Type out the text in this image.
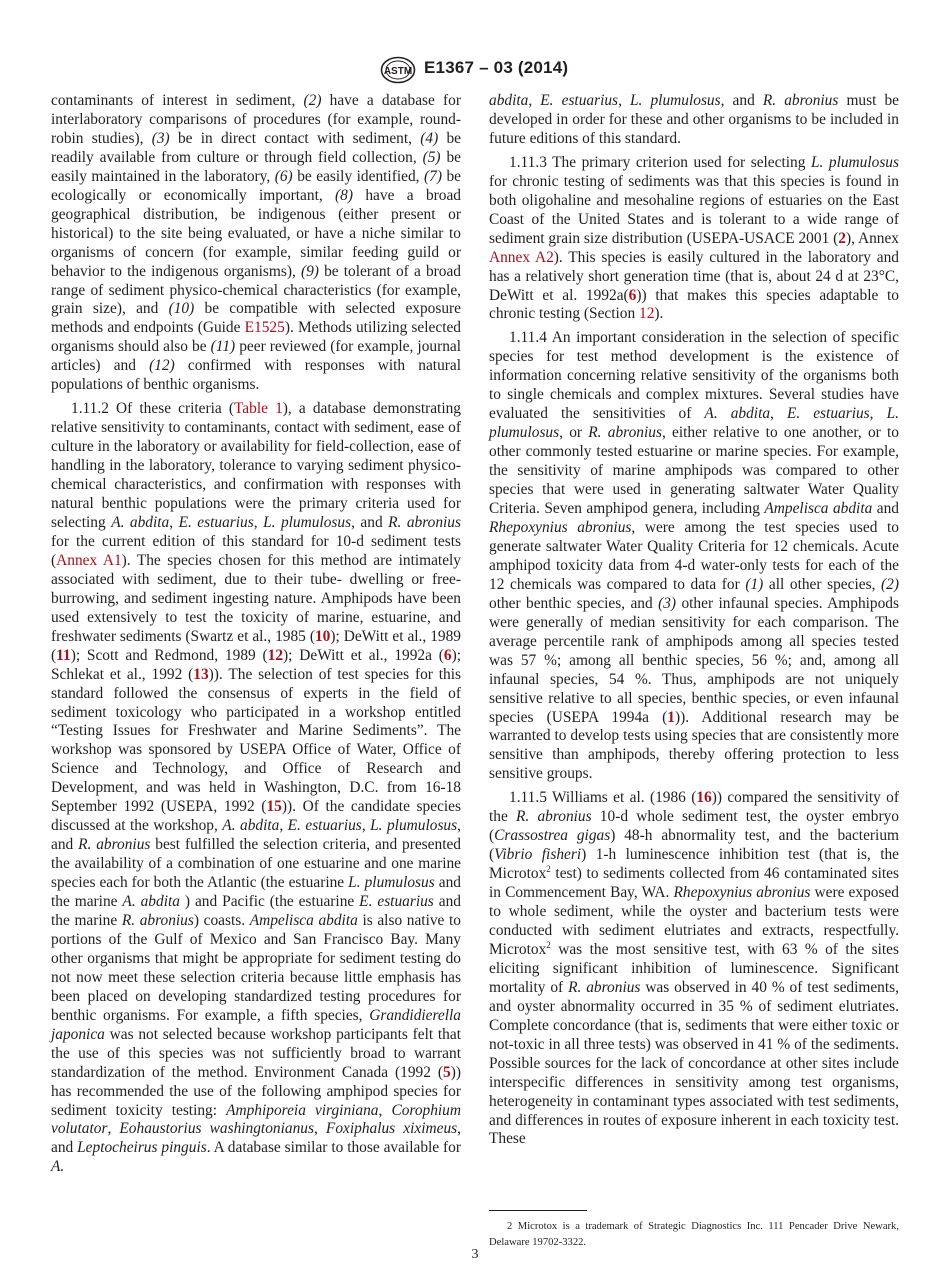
ASTM E1367 – 03 (2014)

contaminants of interest in sediment, (2) have a database for interlaboratory comparisons of procedures (for example, round-robin studies), (3) be in direct contact with sediment, (4) be readily available from culture or through field collection, (5) be easily maintained in the laboratory, (6) be easily identified, (7) be ecologically or economically important, (8) have a broad geographical distribution, be indigenous (either present or historical) to the site being evaluated, or have a niche similar to organisms of concern (for example, similar feeding guild or behavior to the indigenous organisms), (9) be tolerant of a broad range of sediment physico-chemical characteristics (for example, grain size), and (10) be compatible with selected exposure methods and endpoints (Guide E1525). Methods utilizing selected organisms should also be (11) peer reviewed (for example, journal articles) and (12) confirmed with responses with natural populations of benthic organisms.

1.11.2 Of these criteria (Table 1), a database demonstrating relative sensitivity to contaminants, contact with sediment, ease of culture in the laboratory or availability for field-collection, ease of handling in the laboratory, tolerance to varying sediment physico-chemical characteristics, and confirmation with responses with natural benthic populations were the primary criteria used for selecting A. abdita, E. estuarius, L. plumulosus, and R. abronius for the current edition of this standard for 10-d sediment tests (Annex A1). The species chosen for this method are intimately associated with sediment, due to their tube- dwelling or free-burrowing, and sediment ingesting nature. Amphipods have been used extensively to test the toxicity of marine, estuarine, and freshwater sediments (Swartz et al., 1985 (10); DeWitt et al., 1989 (11); Scott and Redmond, 1989 (12); DeWitt et al., 1992a (6); Schlekat et al., 1992 (13)). The selection of test species for this standard followed the consensus of experts in the field of sediment toxicology who participated in a workshop entitled “Testing Issues for Freshwater and Marine Sediments”. The workshop was sponsored by USEPA Office of Water, Office of Science and Technology, and Office of Research and Development, and was held in Washington, D.C. from 16-18 September 1992 (USEPA, 1992 (15)). Of the candidate species discussed at the workshop, A. abdita, E. estuarius, L. plumulosus, and R. abronius best fulfilled the selection criteria, and presented the availability of a combination of one estuarine and one marine species each for both the Atlantic (the estuarine L. plumulosus and the marine A. abdita ) and Pacific (the estuarine E. estuarius and the marine R. abronius) coasts. Ampelisca abdita is also native to portions of the Gulf of Mexico and San Francisco Bay. Many other organisms that might be appropriate for sediment testing do not now meet these selection criteria because little emphasis has been placed on developing standardized testing procedures for benthic organisms. For example, a fifth species, Grandidierella japonica was not selected because workshop participants felt that the use of this species was not sufficiently broad to warrant standardization of the method. Environment Canada (1992 (5)) has recommended the use of the following amphipod species for sediment toxicity testing: Amphiporeia virginiana, Corophium volutator, Eohaustorius washingtonianus, Foxiphalus xiximeus, and Leptocheirus pinguis. A database similar to those available for A.

abdita, E. estuarius, L. plumulosus, and R. abronius must be developed in order for these and other organisms to be included in future editions of this standard.

1.11.3 The primary criterion used for selecting L. plumulosus for chronic testing of sediments was that this species is found in both oligohaline and mesohaline regions of estuaries on the East Coast of the United States and is tolerant to a wide range of sediment grain size distribution (USEPA-USACE 2001 (2), Annex Annex A2). This species is easily cultured in the laboratory and has a relatively short generation time (that is, about 24 d at 23°C, DeWitt et al. 1992a(6)) that makes this species adaptable to chronic testing (Section 12).

1.11.4 An important consideration in the selection of specific species for test method development is the existence of information concerning relative sensitivity of the organisms both to single chemicals and complex mixtures. Several studies have evaluated the sensitivities of A. abdita, E. estuarius, L. plumulosus, or R. abronius, either relative to one another, or to other commonly tested estuarine or marine species. For example, the sensitivity of marine amphipods was compared to other species that were used in generating saltwater Water Quality Criteria. Seven amphipod genera, including Ampelisca abdita and Rhepoxynius abronius, were among the test species used to generate saltwater Water Quality Criteria for 12 chemicals. Acute amphipod toxicity data from 4-d water-only tests for each of the 12 chemicals was compared to data for (1) all other species, (2) other benthic species, and (3) other infaunal species. Amphipods were generally of median sensitivity for each comparison. The average percentile rank of amphipods among all species tested was 57 %; among all benthic species, 56 %; and, among all infaunal species, 54 %. Thus, amphipods are not uniquely sensitive relative to all species, benthic species, or even infaunal species (USEPA 1994a (1)). Additional research may be warranted to develop tests using species that are consistently more sensitive than amphipods, thereby offering protection to less sensitive groups.

1.11.5 Williams et al. (1986 (16)) compared the sensitivity of the R. abronius 10-d whole sediment test, the oyster embryo (Crassostrea gigas) 48-h abnormality test, and the bacterium (Vibrio fisheri) 1-h luminescence inhibition test (that is, the Microtox$^2$ test) to sediments collected from 46 contaminated sites in Commencement Bay, WA. Rhepoxynius abronius were exposed to whole sediment, while the oyster and bacterium tests were conducted with sediment elutriates and extracts, respectfully. Microtox$^2$ was the most sensitive test, with 63 % of the sites eliciting significant inhibition of luminescence. Significant mortality of R. abronius was observed in 40 % of test sediments, and oyster abnormality occurred in 35 % of sediment elutriates. Complete concordance (that is, sediments that were either toxic or not-toxic in all three tests) was observed in 41 % of the sediments. Possible sources for the lack of concordance at other sites include interspecific differences in sensitivity among test organisms, heterogeneity in contaminant types associated with test sediments, and differences in routes of exposure inherent in each toxicity test. These

2 Microtox is a trademark of Strategic Diagnostics Inc. 111 Pencader Drive Newark, Delaware 19702-3322.
3
